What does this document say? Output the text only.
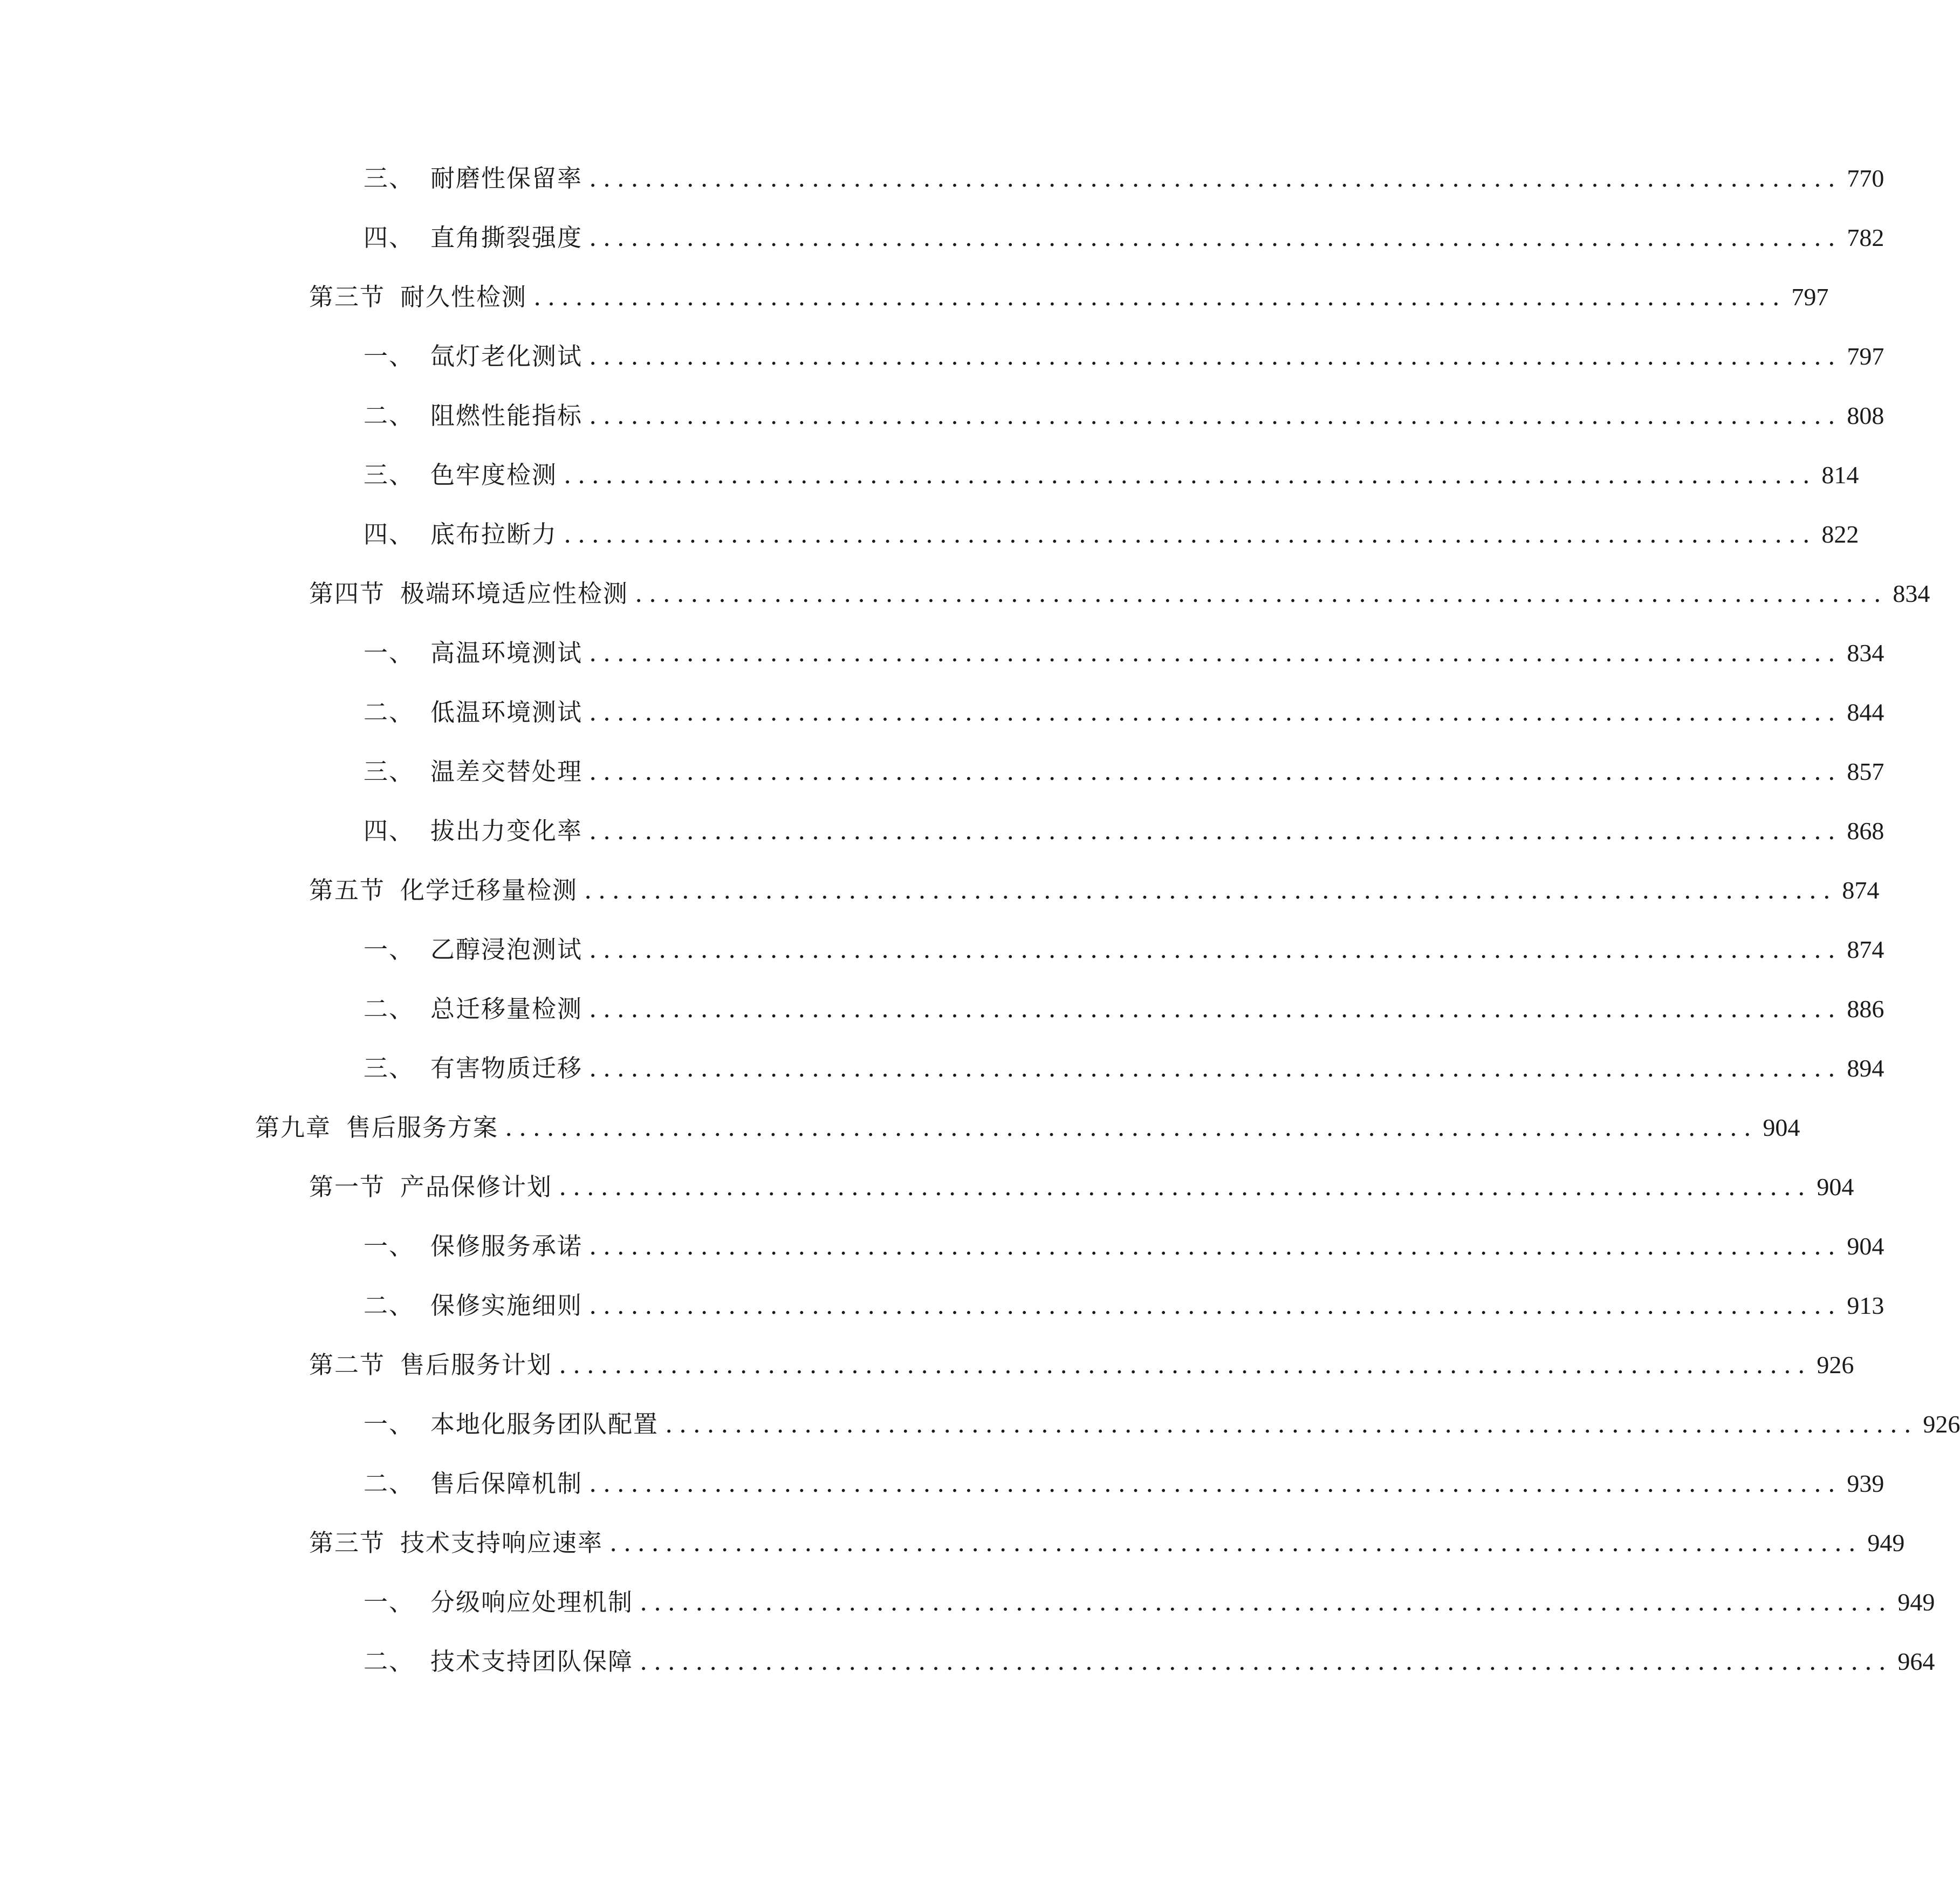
三、 耐磨性保留率 .......................................................................................... 770
四、 直角撕裂强度 .......................................................................................... 782
第三节 耐久性检测 .......................................................................................... 797
一、 氙灯老化测试 .......................................................................................... 797
二、 阻燃性能指标 .......................................................................................... 808
三、 色牢度检测 .......................................................................................... 814
四、 底布拉断力 .......................................................................................... 822
第四节 极端环境适应性检测 .......................................................................................... 834
一、 高温环境测试 .......................................................................................... 834
二、 低温环境测试 .......................................................................................... 844
三、 温差交替处理 .......................................................................................... 857
四、 拔出力变化率 .......................................................................................... 868
第五节 化学迁移量检测 .......................................................................................... 874
一、 乙醇浸泡测试 .......................................................................................... 874
二、 总迁移量检测 .......................................................................................... 886
三、 有害物质迁移 .......................................................................................... 894
第九章 售后服务方案 .......................................................................................... 904
第一节 产品保修计划 .......................................................................................... 904
一、 保修服务承诺 .......................................................................................... 904
二、 保修实施细则 .......................................................................................... 913
第二节 售后服务计划 .......................................................................................... 926
一、 本地化服务团队配置 .......................................................................................... 926
二、 售后保障机制 .......................................................................................... 939
第三节 技术支持响应速率 .......................................................................................... 949
一、 分级响应处理机制 .......................................................................................... 949
二、 技术支持团队保障 .......................................................................................... 964
